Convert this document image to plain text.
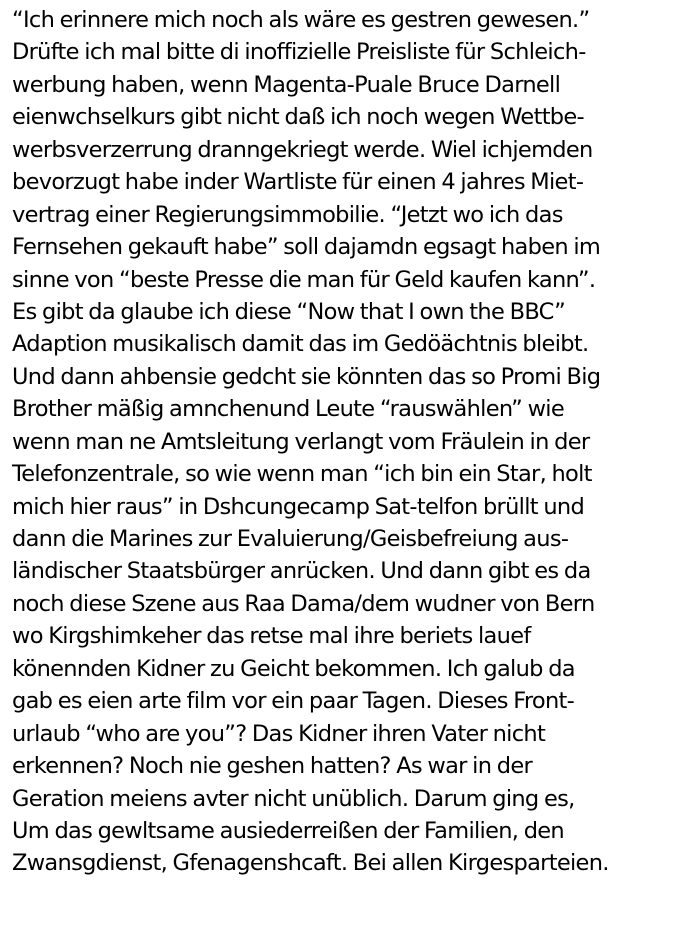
“Ich erinnere mich noch als wäre es gestren gewesen.”
Drüfte ich mal bitte di inoffizielle Preisliste für Schleich-
werbung haben, wenn Magenta-Puale Bruce Darnell
eienwchselkurs gibt nicht daß ich noch wegen Wettbe-
werbsverzerrung dranngekriegt werde. Wiel ichjemden
bevorzugt habe inder Wartliste für einen 4 jahres Miet-
vertrag einer Regierungsimmobilie. “Jetzt wo ich das
Fernsehen gekauft habe” soll dajamdn egsagt haben im
sinne von “beste Presse die man für Geld kaufen kann”.
Es gibt da glaube ich diese “Now that I own the BBC”
Adaption musikalisch damit das im Gedöächtnis bleibt.
Und dann ahbensie gedcht sie könnten das so Promi Big
Brother mäßig amnchenund Leute “rauswählen” wie
wenn man ne Amtsleitung verlangt vom Fräulein in der
Telefonzentrale, so wie wenn man “ich bin ein Star, holt
mich hier raus” in Dshcungecamp Sat-telfon brüllt und
dann die Marines zur Evaluierung/Geisbefreiung aus-
ländischer Staatsbürger anrücken. Und dann gibt es da
noch diese Szene aus Raa Dama/dem wudner von Bern
wo Kirgshimkeher das retse mal ihre beriets lauef
könennden Kidner zu Geicht bekommen. Ich galub da
gab es eien arte film vor ein paar Tagen. Dieses Front-
urlaub “who are you”? Das Kidner ihren Vater nicht
erkennen? Noch nie geshen hatten? As war in der
Geration meiens avter nicht unüblich. Darum ging es,
Um das gewltsame ausiederreißen der Familien, den
Zwansgdienst, Gfenagenshcaft. Bei allen Kirgesparteien.
